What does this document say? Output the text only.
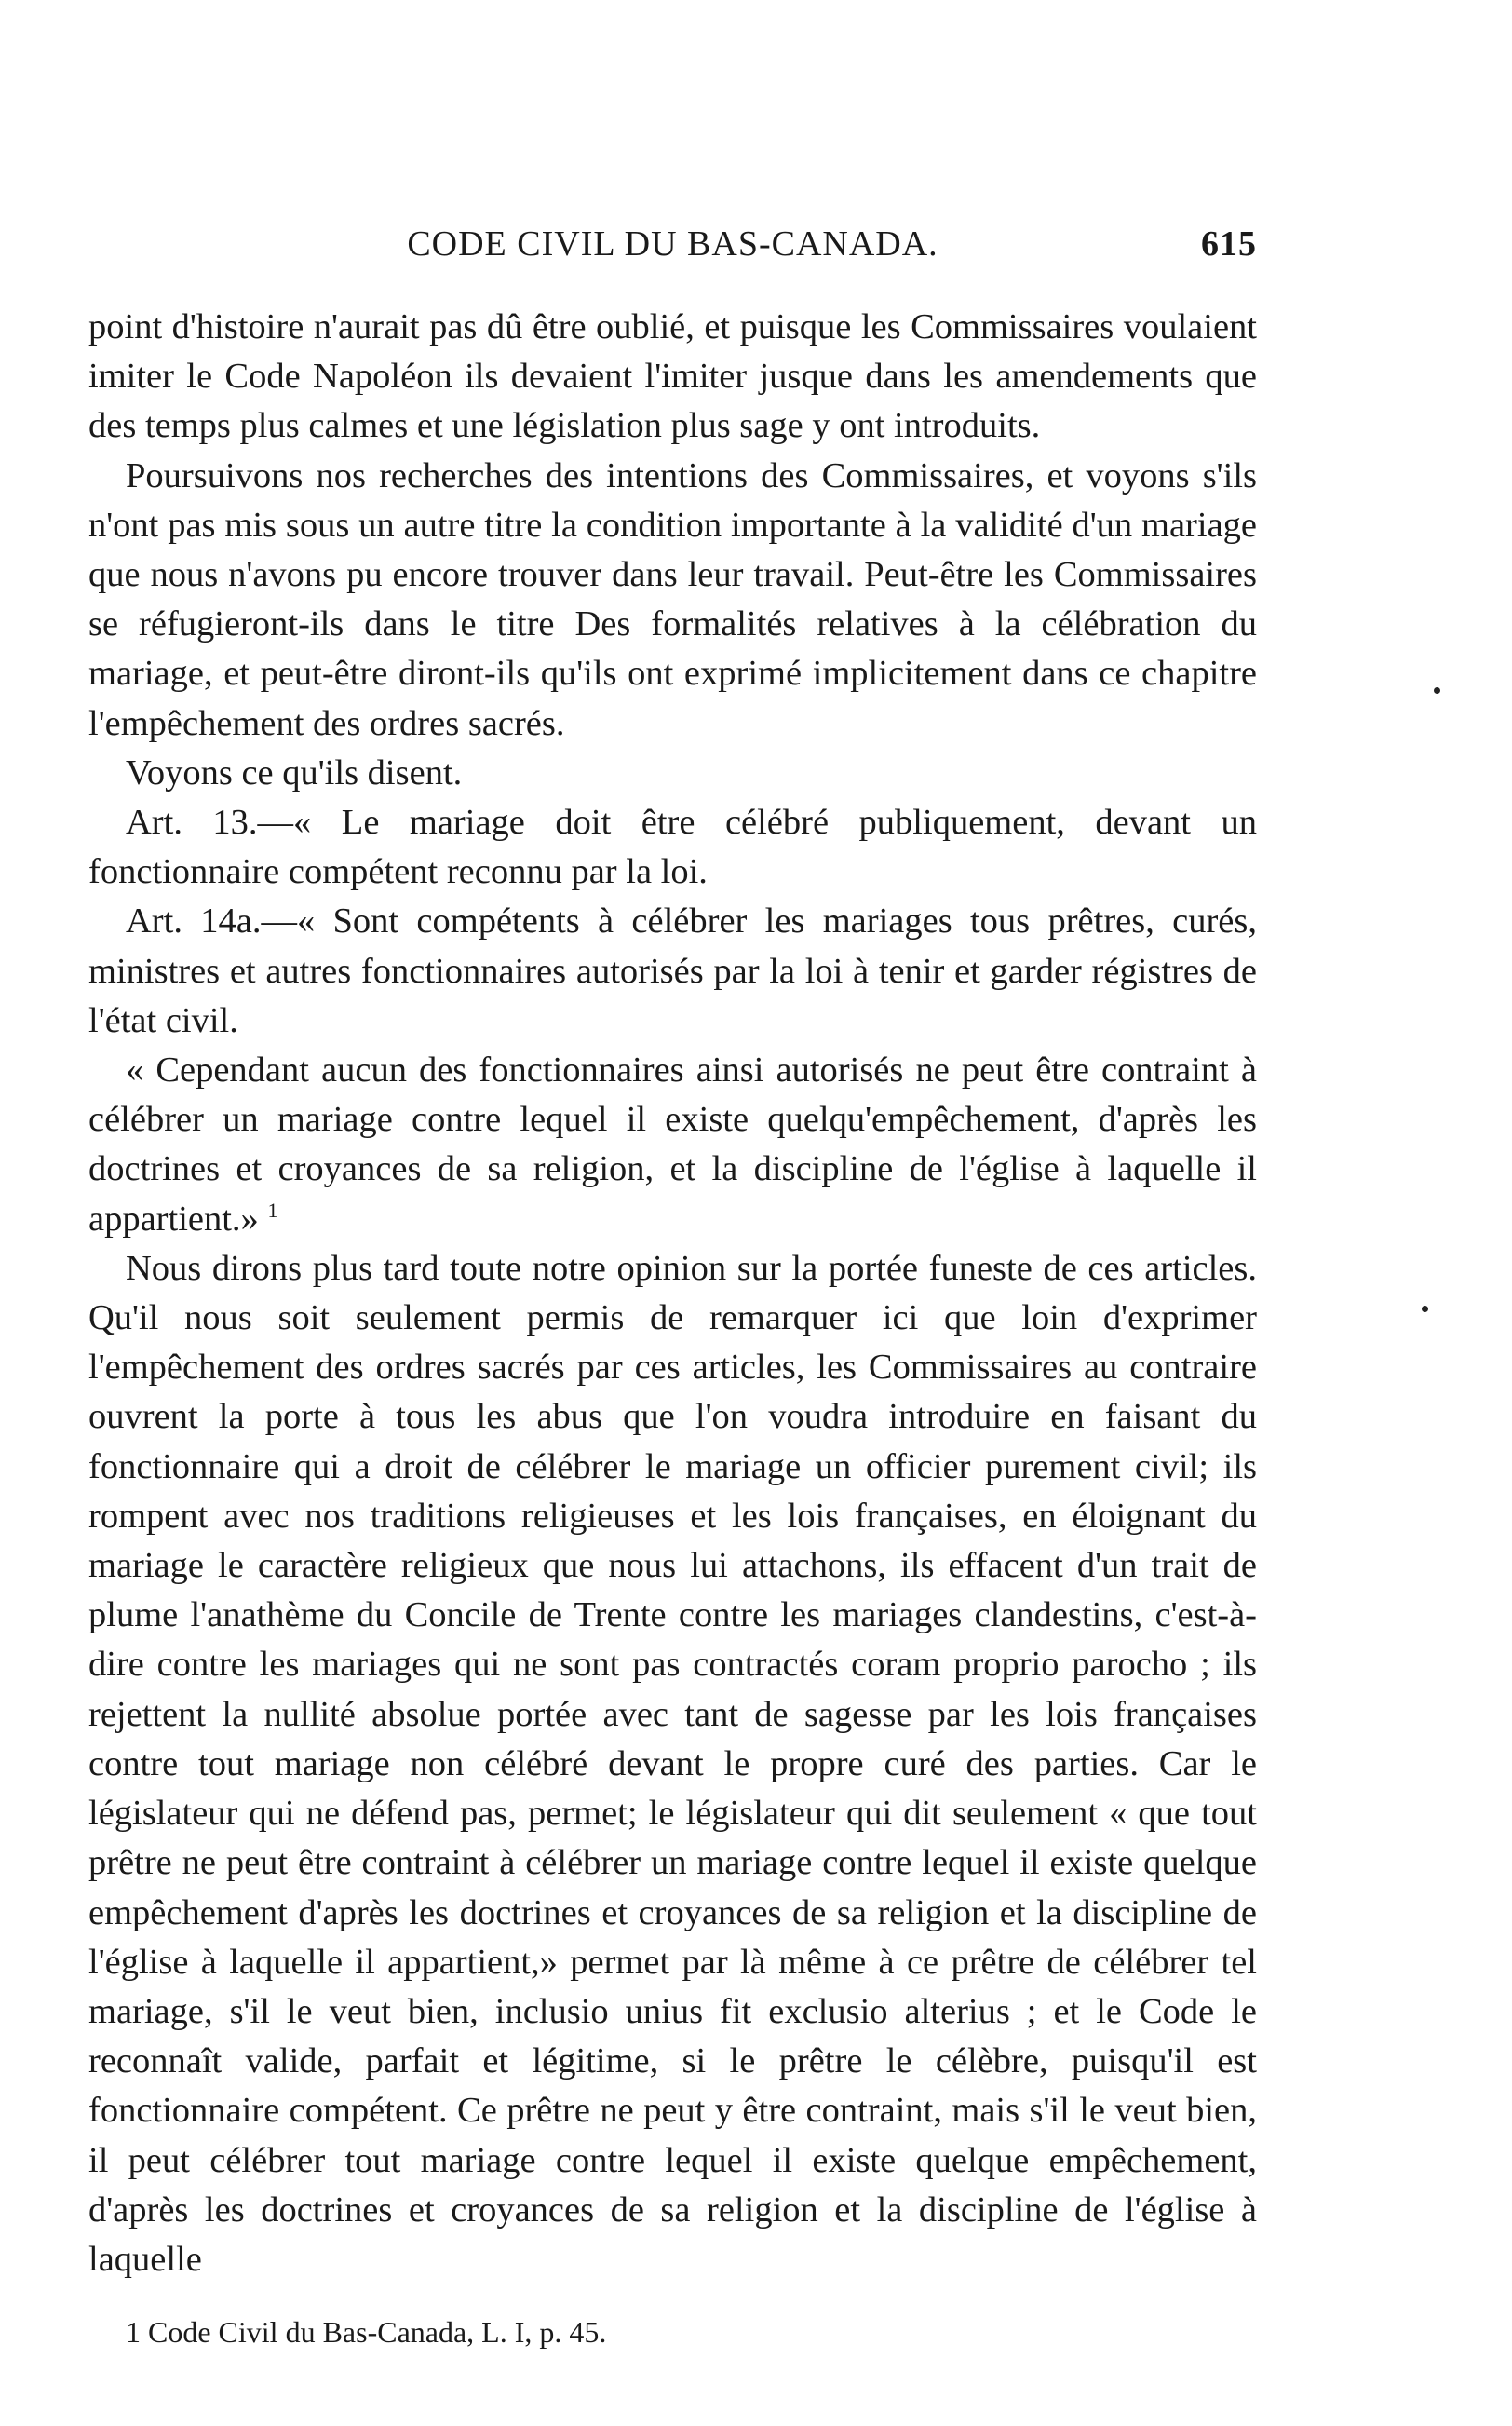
CODE CIVIL DU BAS-CANADA.	615

point d'histoire n'aurait pas dû être oublié, et puisque les Commissaires voulaient imiter le Code Napoléon ils devaient l'imiter jusque dans les amendements que des temps plus calmes et une législation plus sage y ont introduits.

Poursuivons nos recherches des intentions des Commissaires, et voyons s'ils n'ont pas mis sous un autre titre la condition importante à la validité d'un mariage que nous n'avons pu encore trouver dans leur travail. Peut-être les Commissaires se réfugieront-ils dans le titre Des formalités relatives à la célébration du mariage, et peut-être diront-ils qu'ils ont exprimé implicitement dans ce chapitre l'empêchement des ordres sacrés.

Voyons ce qu'ils disent.

Art. 13.—« Le mariage doit être célébré publiquement, devant un fonctionnaire compétent reconnu par la loi.

Art. 14a.—« Sont compétents à célébrer les mariages tous prêtres, curés, ministres et autres fonctionnaires autorisés par la loi à tenir et garder régistres de l'état civil.

« Cependant aucun des fonctionnaires ainsi autorisés ne peut être contraint à célébrer un mariage contre lequel il existe quelqu'empêchement, d'après les doctrines et croyances de sa religion, et la discipline de l'église à laquelle il appartient.» $^1$

Nous dirons plus tard toute notre opinion sur la portée funeste de ces articles. Qu'il nous soit seulement permis de remarquer ici que loin d'exprimer l'empêchement des ordres sacrés par ces articles, les Commissaires au contraire ouvrent la porte à tous les abus que l'on voudra introduire en faisant du fonctionnaire qui a droit de célébrer le mariage un officier purement civil; ils rompent avec nos traditions religieuses et les lois françaises, en éloignant du mariage le caractère religieux que nous lui attachons, ils effacent d'un trait de plume l'anathème du Concile de Trente contre les mariages clandestins, c'est-à-dire contre les mariages qui ne sont pas contractés coram proprio parocho ; ils rejettent la nullité absolue portée avec tant de sagesse par les lois françaises contre tout mariage non célébré devant le propre curé des parties. Car le législateur qui ne défend pas, permet; le législateur qui dit seulement « que tout prêtre ne peut être contraint à célébrer un mariage contre lequel il existe quelque empêchement d'après les doctrines et croyances de sa religion et la discipline de l'église à laquelle il appartient,» permet par là même à ce prêtre de célébrer tel mariage, s'il le veut bien, inclusio unius fit exclusio alterius ; et le Code le reconnaît valide, parfait et légitime, si le prêtre le célèbre, puisqu'il est fonctionnaire compétent. Ce prêtre ne peut y être contraint, mais s'il le veut bien, il peut célébrer tout mariage contre lequel il existe quelque empêchement, d'après les doctrines et croyances de sa religion et la discipline de l'église à laquelle

1 Code Civil du Bas-Canada, L. I, p. 45.
